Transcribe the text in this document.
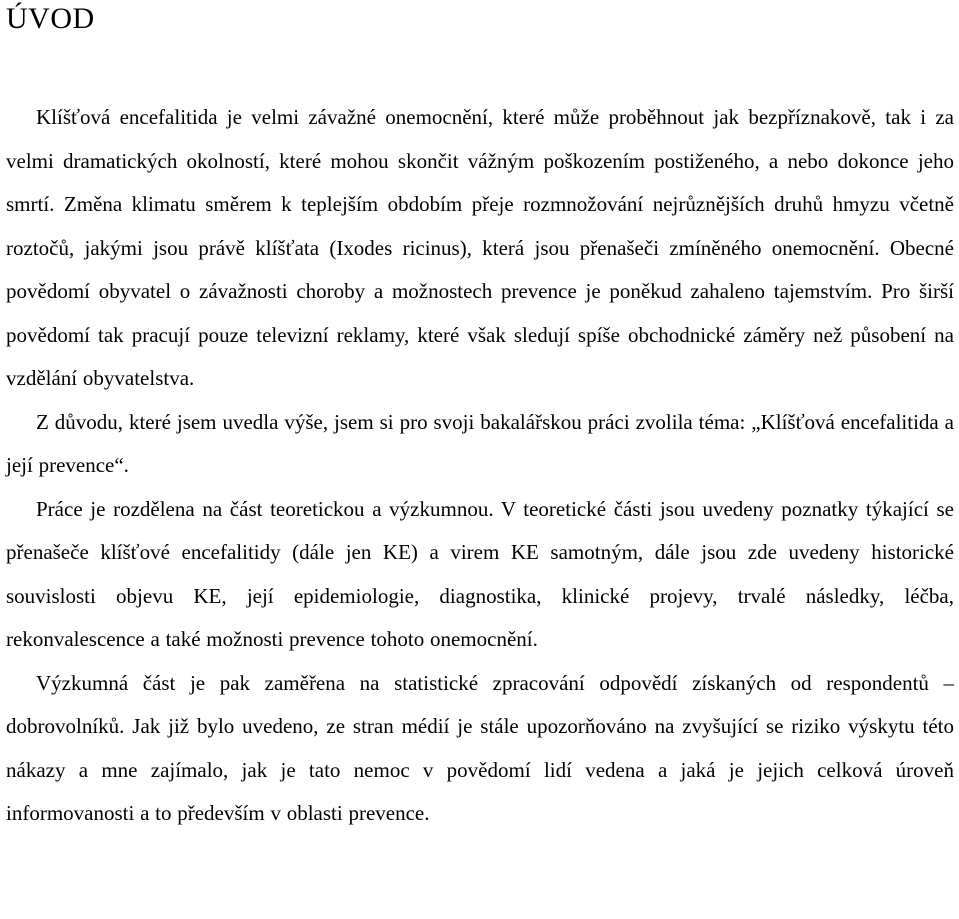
ÚVOD

Klíšťová encefalitida je velmi závažné onemocnění, které může proběhnout jak bezpříznakově, tak i za velmi dramatických okolností, které mohou skončit vážným poškozením postiženého, a nebo dokonce jeho smrtí. Změna klimatu směrem k teplejším obdobím přeje rozmnožování nejrůznějších druhů hmyzu včetně roztočů, jakými jsou právě klíšťata (Ixodes ricinus), která jsou přenašeči zmíněného onemocnění. Obecné povědomí obyvatel o závažnosti choroby a možnostech prevence je poněkud zahaleno tajemstvím. Pro širší povědomí tak pracují pouze televizní reklamy, které však sledují spíše obchodnické záměry než působení na vzdělání obyvatelstva.

Z důvodu, které jsem uvedla výše, jsem si pro svoji bakalářskou práci zvolila téma: „Klíšťová encefalitida a její prevence“.

Práce je rozdělena na část teoretickou a výzkumnou. V teoretické části jsou uvedeny poznatky týkající se přenašeče klíšťové encefalitidy (dále jen KE) a virem KE samotným, dále jsou zde uvedeny historické souvislosti objevu KE, její epidemiologie, diagnostika, klinické projevy, trvalé následky, léčba, rekonvalescence a také možnosti prevence tohoto onemocnění.

Výzkumná část je pak zaměřena na statistické zpracování odpovědí získaných od respondentů – dobrovolníků. Jak již bylo uvedeno, ze stran médií je stále upozorňováno na zvyšující se riziko výskytu této nákazy a mne zajímalo, jak je tato nemoc v povědomí lidí vedena a jaká je jejich celková úroveň informovanosti a to především v oblasti prevence.
